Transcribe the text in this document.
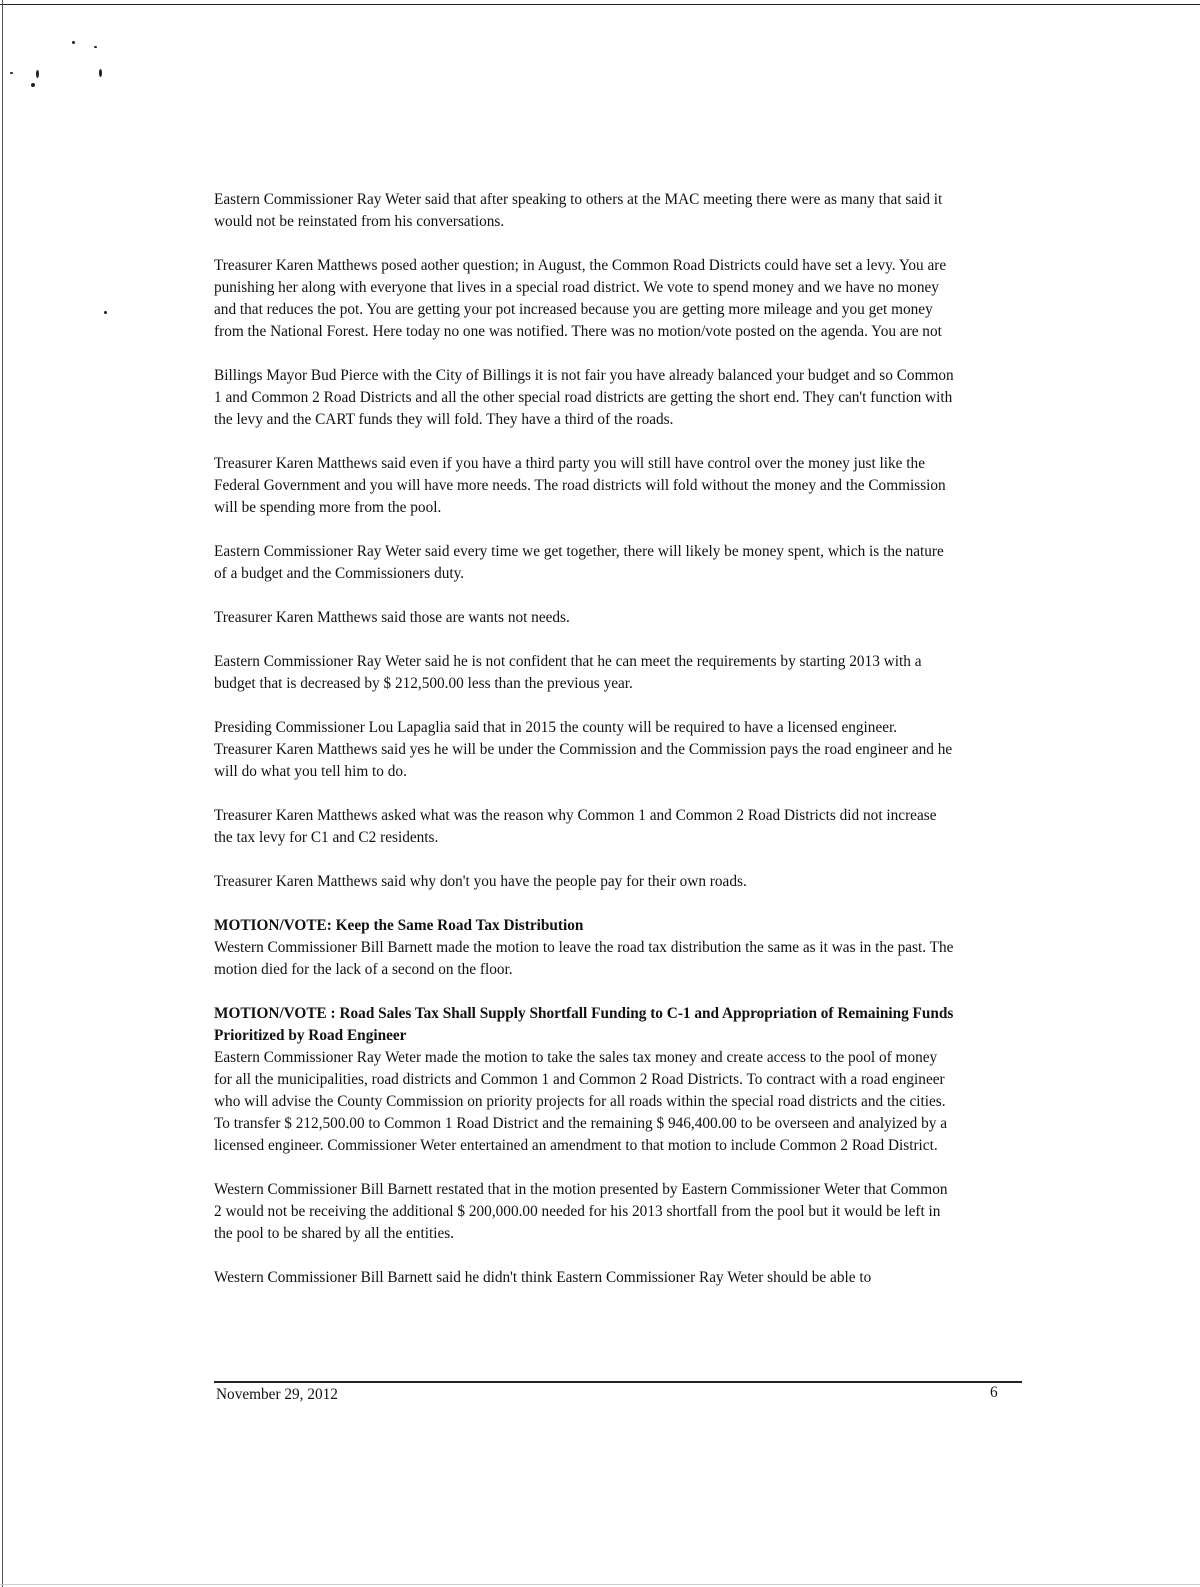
Eastern Commissioner Ray Weter said that after speaking to others at the MAC meeting there were as many that said it would not be reinstated from his conversations.

Treasurer Karen Matthews posed aother question; in August, the Common Road Districts could have set a levy. You are punishing her along with everyone that lives in a special road district. We vote to spend money and we have no money and that reduces the pot. You are getting your pot increased because you are getting more mileage and you get money from the National Forest. Here today no one was notified. There was no motion/vote posted on the agenda. You are not

Billings Mayor Bud Pierce with the City of Billings it is not fair you have already balanced your budget and so Common 1 and Common 2 Road Districts and all the other special road districts are getting the short end. They can't function with the levy and the CART funds they will fold. They have a third of the roads.

Treasurer Karen Matthews said even if you have a third party you will still have control over the money just like the Federal Government and you will have more needs. The road districts will fold without the money and the Commission will be spending more from the pool.

Eastern Commissioner Ray Weter said every time we get together, there will likely be money spent, which is the nature of a budget and the Commissioners duty.

Treasurer Karen Matthews said those are wants not needs.

Eastern Commissioner Ray Weter said he is not confident that he can meet the requirements by starting 2013 with a budget that is decreased by $ 212,500.00 less than the previous year.

Presiding Commissioner Lou Lapaglia said that in 2015 the county will be required to have a licensed engineer.

Treasurer Karen Matthews said yes he will be under the Commission and the Commission pays the road engineer and he will do what you tell him to do.

Treasurer Karen Matthews asked what was the reason why Common 1 and Common 2 Road Districts did not increase the tax levy for C1 and C2 residents.

Treasurer Karen Matthews said why don't you have the people pay for their own roads.

MOTION/VOTE: Keep the Same Road Tax Distribution

Western Commissioner Bill Barnett made the motion to leave the road tax distribution the same as it was in the past. The motion died for the lack of a second on the floor.

MOTION/VOTE : Road Sales Tax Shall Supply Shortfall Funding to C-1 and Appropriation of Remaining Funds Prioritized by Road Engineer

Eastern Commissioner Ray Weter made the motion to take the sales tax money and create access to the pool of money for all the municipalities, road districts and Common 1 and Common 2 Road Districts. To contract with a road engineer who will advise the County Commission on priority projects for all roads within the special road districts and the cities. To transfer $ 212,500.00 to Common 1 Road District and the remaining $ 946,400.00 to be overseen and analyized by a licensed engineer. Commissioner Weter entertained an amendment to that motion to include Common 2 Road District.

Western Commissioner Bill Barnett restated that in the motion presented by Eastern Commissioner Weter that Common 2 would not be receiving the additional $ 200,000.00 needed for his 2013 shortfall from the pool but it would be left in the pool to be shared by all the entities.

Western Commissioner Bill Barnett said he didn't think Eastern Commissioner Ray Weter should be able to

November 29, 2012	6
